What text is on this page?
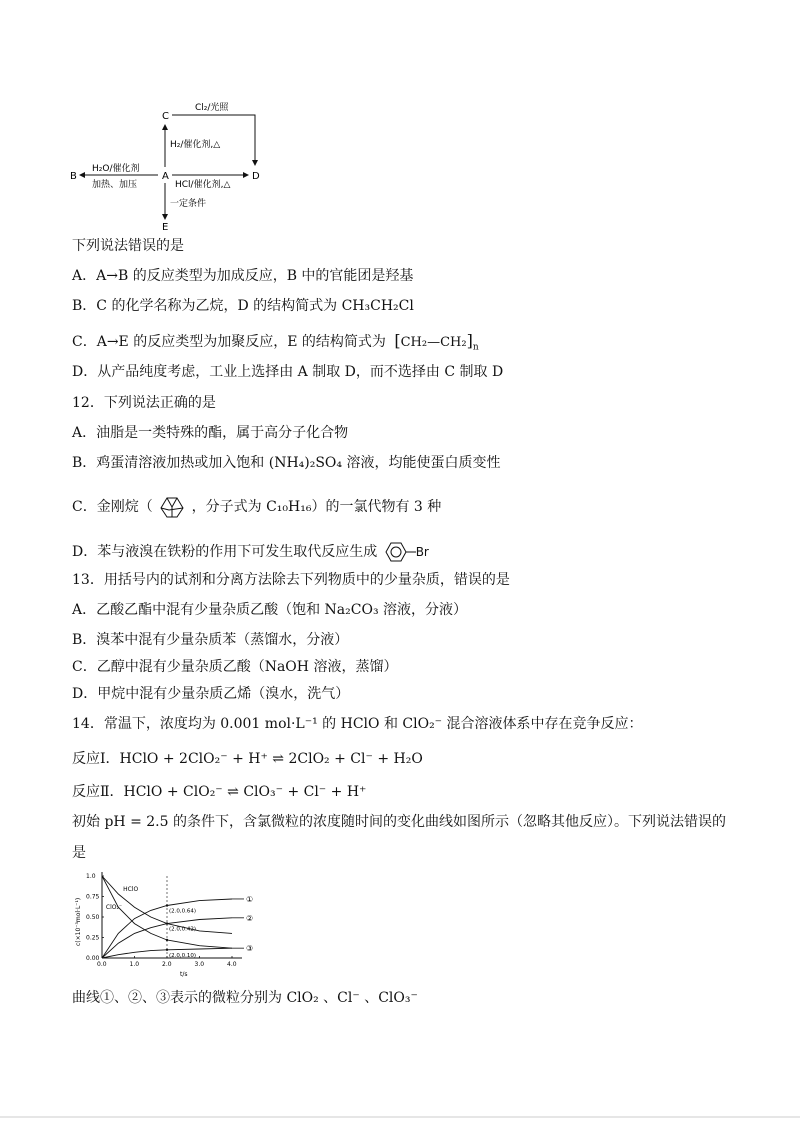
C
A
B	D
E
Cl₂/光照
H₂/催化剂,△
H₂O/催化剂
加热、加压	HCl/催化剂,△
一定条件
下列说法错误的是
A．A→B 的反应类型为加成反应，B 中的官能团是羟基
B．C 的化学名称为乙烷，D 的结构简式为 CH₃CH₂Cl
C．A→E 的反应类型为加聚反应，E 的结构简式为 $[CH_2—CH_2]_n$
D．从产品纯度考虑，工业上选择由 A 制取 D，而不选择由 C 制取 D
12．下列说法正确的是
A．油脂是一类特殊的酯，属于高分子化合物
B．鸡蛋清溶液加热或加入饱和 (NH₄)₂SO₄ 溶液，均能使蛋白质变性
C．金刚烷（	，分子式为 C₁₀H₁₆）的一氯代物有 3 种
D．苯与液溴在铁粉的作用下可发生取代反应生成	Br
13．用括号内的试剂和分离方法除去下列物质中的少量杂质，错误的是
A．乙酸乙酯中混有少量杂质乙酸（饱和 Na₂CO₃ 溶液，分液）
B．溴苯中混有少量杂质苯（蒸馏水，分液）
C．乙醇中混有少量杂质乙酸（NaOH 溶液，蒸馏）
D．甲烷中混有少量杂质乙烯（溴水，洗气）
14．常温下，浓度均为 0.001 mol·L⁻¹ 的 HClO 和 ClO₂⁻ 混合溶液体系中存在竞争反应：
反应Ⅰ．HClO + 2ClO₂⁻ + H⁺ ⇌ 2ClO₂ + Cl⁻ + H₂O
反应Ⅱ．HClO + ClO₂⁻ ⇌ ClO₃⁻ + Cl⁻ + H⁺
初始 pH = 2.5 的条件下，含氯微粒的浓度随时间的变化曲线如图所示（忽略其他反应）。下列说法错误的
是
c(×10⁻³mol·L⁻¹)
t/s
0.0	1.0	2.0	3.0	4.0
0.00
0.25
0.50
0.75
1.0
①
②
③
HClO
ClO₂⁻
(2.0,0.64)
(2.0,0.42)
(2.0,0.10)
曲线①、②、③表示的微粒分别为 ClO₂ 、Cl⁻ 、ClO₃⁻
